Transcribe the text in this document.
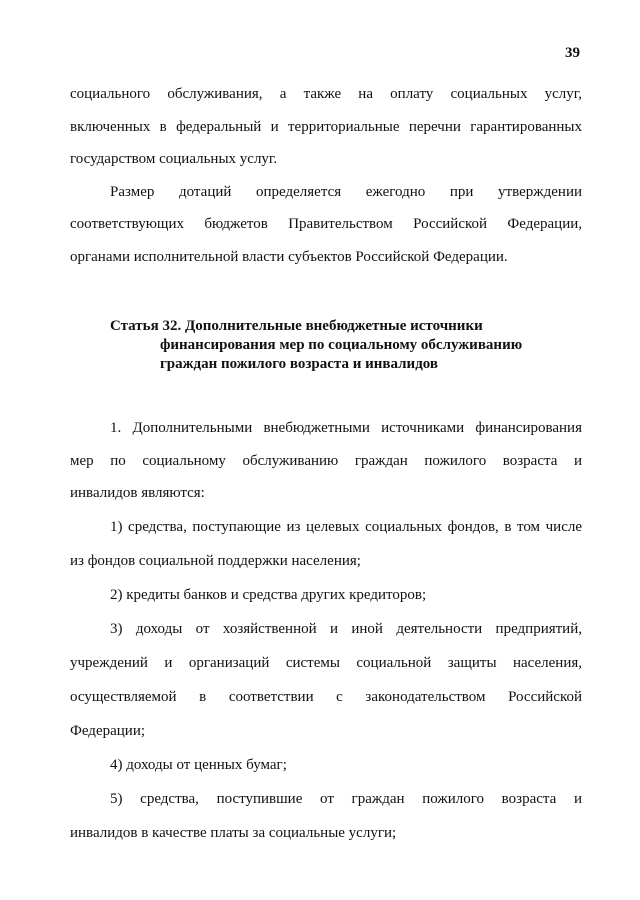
39
социального обслуживания, а также на оплату социальных услуг,
включенных в федеральный и территориальные перечни гарантированных
государством социальных услуг.
Размер дотаций определяется ежегодно при утверждении
соответствующих бюджетов Правительством Российской Федерации,
органами исполнительной власти субъектов Российской Федерации.
Статья 32. Дополнительные внебюджетные источники
финансирования мер по социальному обслуживанию
граждан пожилого возраста и инвалидов
1. Дополнительными внебюджетными источниками финансирования
мер по социальному обслуживанию граждан пожилого возраста и
инвалидов являются:
1) средства, поступающие из целевых социальных фондов, в том числе
из фондов социальной поддержки населения;
2) кредиты банков и средства других кредиторов;
3) доходы от хозяйственной и иной деятельности предприятий,
учреждений и организаций системы социальной защиты населения,
осуществляемой в соответствии с законодательством Российской
Федерации;
4) доходы от ценных бумаг;
5) средства, поступившие от граждан пожилого возраста и
инвалидов в качестве платы за социальные услуги;
